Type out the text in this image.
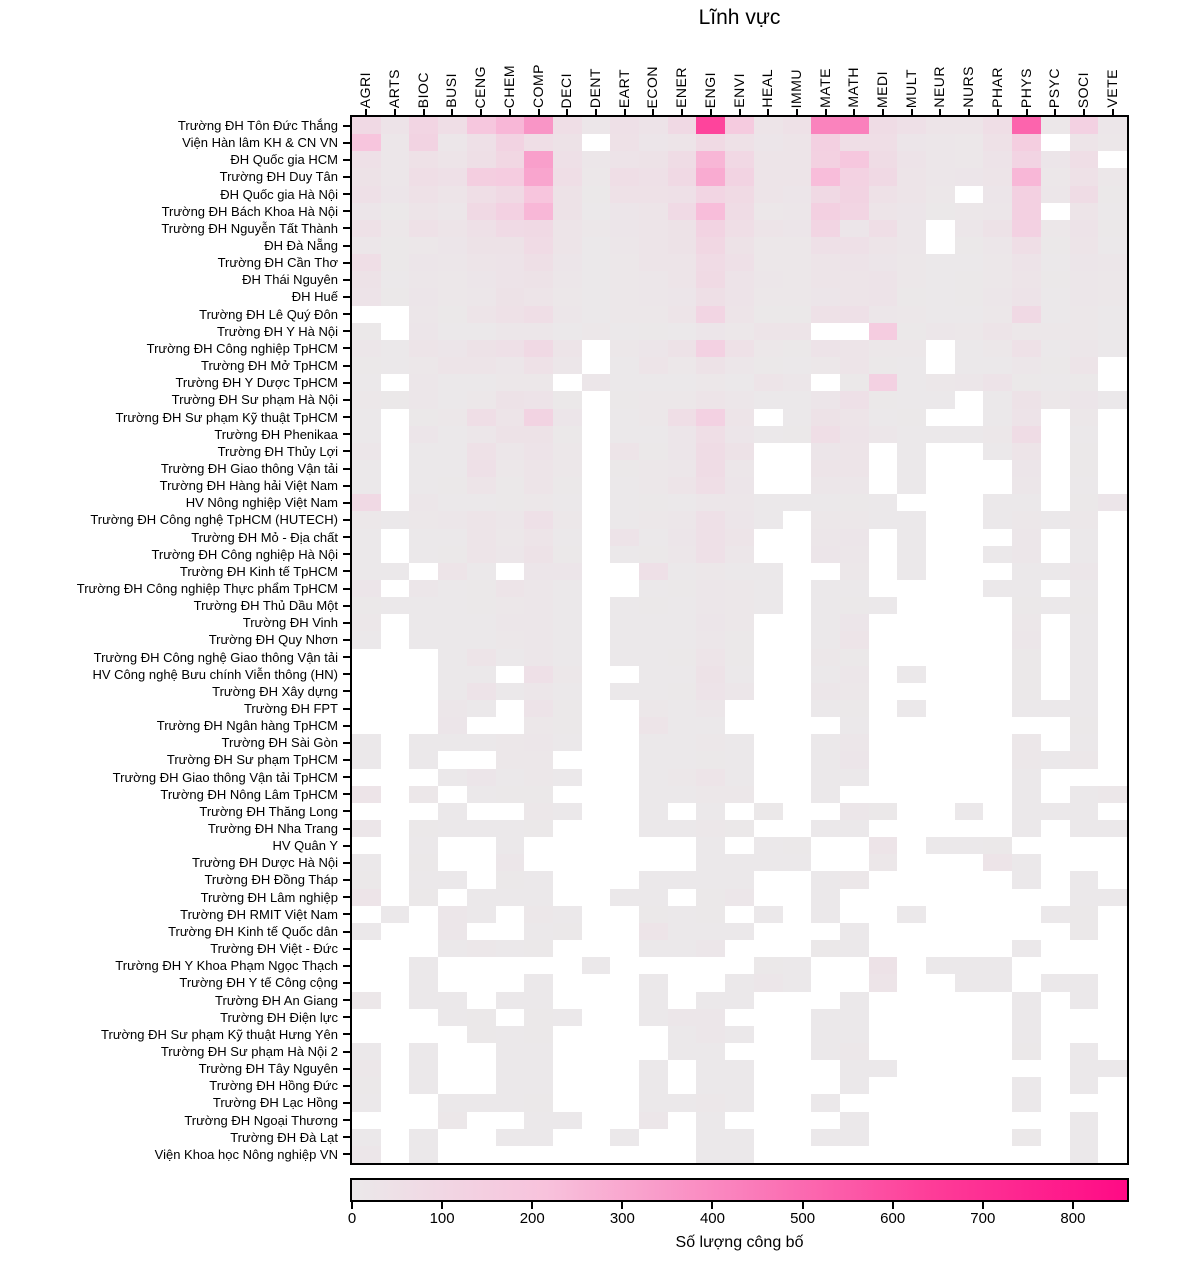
Lĩnh vực
AGRI ARTS BIOC BUSI CENG CHEM COMP DECI DENT EART ECON ENER ENGI ENVI HEAL IMMU MATE MATH MEDI MULT NEUR NURS PHAR PHYS PSYC SOCI VETE
Trường ĐH Tôn Đức Thắng
Viện Hàn lâm KH & CN VN
ĐH Quốc gia HCM
Trường ĐH Duy Tân
ĐH Quốc gia Hà Nội
Trường ĐH Bách Khoa Hà Nội
Trường ĐH Nguyễn Tất Thành
ĐH Đà Nẵng
Trường ĐH Cần Thơ
ĐH Thái Nguyên
ĐH Huế
Trường ĐH Lê Quý Đôn
Trường ĐH Y Hà Nội
Trường ĐH Công nghiệp TpHCM
Trường ĐH Mở TpHCM
Trường ĐH Y Dược TpHCM
Trường ĐH Sư phạm Hà Nội
Trường ĐH Sư phạm Kỹ thuật TpHCM
Trường ĐH Phenikaa
Trường ĐH Thủy Lợi
Trường ĐH Giao thông Vận tải
Trường ĐH Hàng hải Việt Nam
HV Nông nghiệp Việt Nam
Trường ĐH Công nghệ TpHCM (HUTECH)
Trường ĐH Mỏ - Địa chất
Trường ĐH Công nghiệp Hà Nội
Trường ĐH Kinh tế TpHCM
Trường ĐH Công nghiệp Thực phẩm TpHCM
Trường ĐH Thủ Dầu Một
Trường ĐH Vinh
Trường ĐH Quy Nhơn
Trường ĐH Công nghệ Giao thông Vận tải
HV Công nghệ Bưu chính Viễn thông (HN)
Trường ĐH Xây dựng
Trường ĐH FPT
Trường ĐH Ngân hàng TpHCM
Trường ĐH Sài Gòn
Trường ĐH Sư phạm TpHCM
Trường ĐH Giao thông Vận tải TpHCM
Trường ĐH Nông Lâm TpHCM
Trường ĐH Thăng Long
Trường ĐH Nha Trang
HV Quân Y
Trường ĐH Dược Hà Nội
Trường ĐH Đồng Tháp
Trường ĐH Lâm nghiệp
Trường ĐH RMIT Việt Nam
Trường ĐH Kinh tế Quốc dân
Trường ĐH Việt - Đức
Trường ĐH Y Khoa Phạm Ngọc Thạch
Trường ĐH Y tế Công cộng
Trường ĐH An Giang
Trường ĐH Điện lực
Trường ĐH Sư phạm Kỹ thuật Hưng Yên
Trường ĐH Sư phạm Hà Nội 2
Trường ĐH Tây Nguyên
Trường ĐH Hồng Đức
Trường ĐH Lạc Hồng
Trường ĐH Ngoại Thương
Trường ĐH Đà Lạt
Viện Khoa học Nông nghiệp VN
0	100	200	300	400	500	600	700	800
Số lượng công bố
